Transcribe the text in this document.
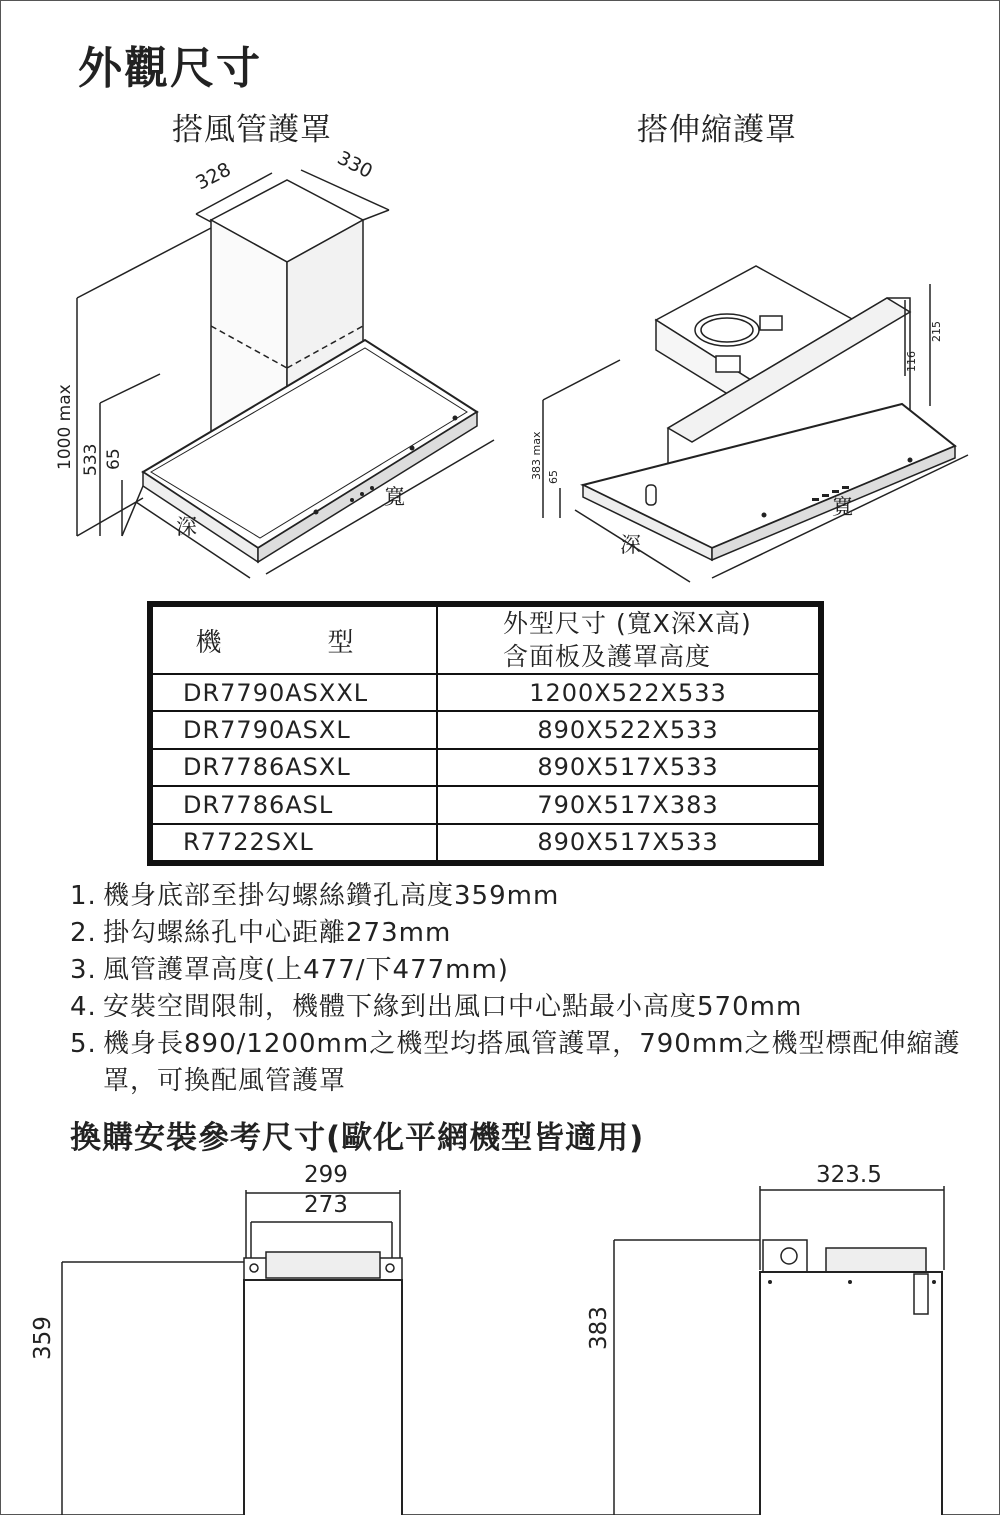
外觀尺寸
搭風管護罩	搭伸縮護罩
328	330
1000 max 533 65
深
寬
383 max 65
116
215
深
寬
機　型	外型尺寸 (寬X深X高)
含面板及護罩高度

DR7790ASXXL	1200X522X533
DR7790ASXL	890X522X533
DR7786ASXL	890X517X533
DR7786ASL	790X517X383
R7722SXL	890X517X533
1. 機身底部至掛勾螺絲鑽孔高度359mm
2. 掛勾螺絲孔中心距離273mm
3. 風管護罩高度(上477/下477mm)
4. 安裝空間限制，機體下緣到出風口中心點最小高度570mm
5. 機身長890/1200mm之機型均搭風管護罩，790mm之機型標配伸縮護罩，可換配風管護罩
換購安裝參考尺寸(歐化平網機型皆適用)
299
273
359
323.5
383
